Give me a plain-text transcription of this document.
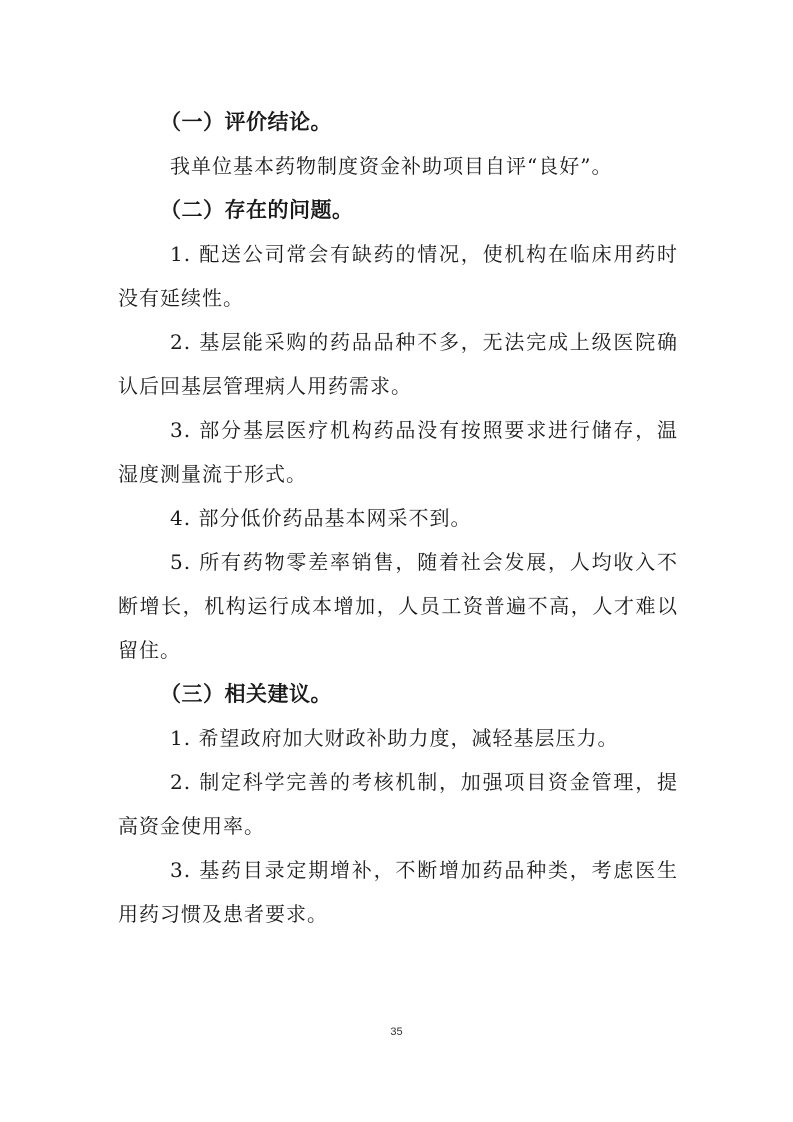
（一）评价结论。

我单位基本药物制度资金补助项目自评“良好”。

（二）存在的问题。

1. 配送公司常会有缺药的情况，使机构在临床用药时没有延续性。

2. 基层能采购的药品品种不多，无法完成上级医院确认后回基层管理病人用药需求。

3. 部分基层医疗机构药品没有按照要求进行储存，温湿度测量流于形式。

4. 部分低价药品基本网采不到。

5. 所有药物零差率销售，随着社会发展，人均收入不断增长，机构运行成本增加，人员工资普遍不高，人才难以留住。

（三）相关建议。

1. 希望政府加大财政补助力度，减轻基层压力。

2. 制定科学完善的考核机制，加强项目资金管理，提高资金使用率。

3. 基药目录定期增补，不断增加药品种类，考虑医生用药习惯及患者要求。

35
